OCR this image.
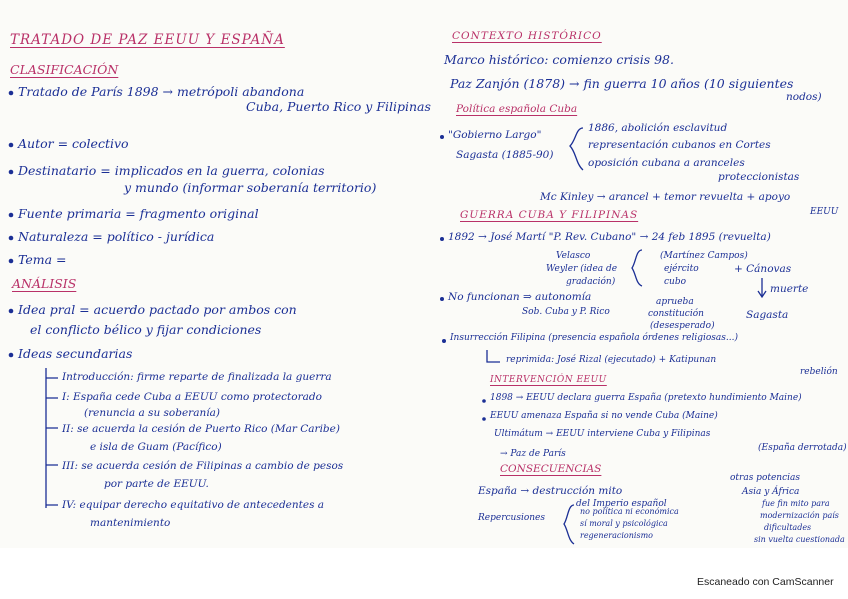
TRATADO DE PAZ EEUU Y ESPAÑA
CLASIFICACIÓN
Tratado de París 1898 → metrópoli abandona
Cuba, Puerto Rico y Filipinas
Autor = colectivo
Destinatario = implicados en la guerra, colonias
y mundo (informar soberanía territorio)
Fuente primaria = fragmento original
Naturaleza = político - jurídica
Tema =
ANÁLISIS
Idea pral = acuerdo pactado por ambos con
el conflicto bélico y fijar condiciones
Ideas secundarias
Introducción: firme reparte de finalizada la guerra
I: España cede Cuba a EEUU como protectorado
(renuncia a su soberanía)
II: se acuerda la cesión de Puerto Rico (Mar Caribe)
e isla de Guam (Pacífico)
III: se acuerda cesión de Filipinas a cambio de pesos
por parte de EEUU.
IV: equipar derecho equitativo de antecedentes a
mantenimiento
CONTEXTO HISTÓRICO
Marco histórico: comienzo crisis 98.
Paz Zanjón (1878) → fin guerra 10 años (10 siguientes
nodos)
Política española Cuba
"Gobierno Largo"
Sagasta (1885-90)
1886, abolición esclavitud
representación cubanos en Cortes
oposición cubana a aranceles
proteccionistas
Mc Kinley → arancel + temor revuelta + apoyo
EEUU
GUERRA CUBA Y FILIPINAS
1892 → José Martí "P. Rev. Cubano" → 24 feb 1895 (revuelta)
Velasco
Weyler (idea de
gradación)
(Martínez Campos)
ejército
cubo
+ Cánovas
muerte
No funcionan ⇒ autonomía
Sob. Cuba y P. Rico
aprueba
constitución
(desesperado)
Sagasta
Insurrección Filipina (presencia española órdenes religiosas...)
reprimida: José Rizal (ejecutado) + Katipunan
rebelión
INTERVENCIÓN EEUU
1898 → EEUU declara guerra España (pretexto hundimiento Maine)
EEUU amenaza España si no vende Cuba (Maine)
Ultimátum → EEUU interviene Cuba y Filipinas
(España derrotada)
→ Paz de París
CONSECUENCIAS
España → destrucción mito
del Imperio español
otras potencias
Asia y África
Repercusiones
no política ni económica
sí moral y psicológica
regeneracionismo
fue fin mito para
modernización país
dificultades
sin vuelta cuestionada
Escaneado con CamScanner
